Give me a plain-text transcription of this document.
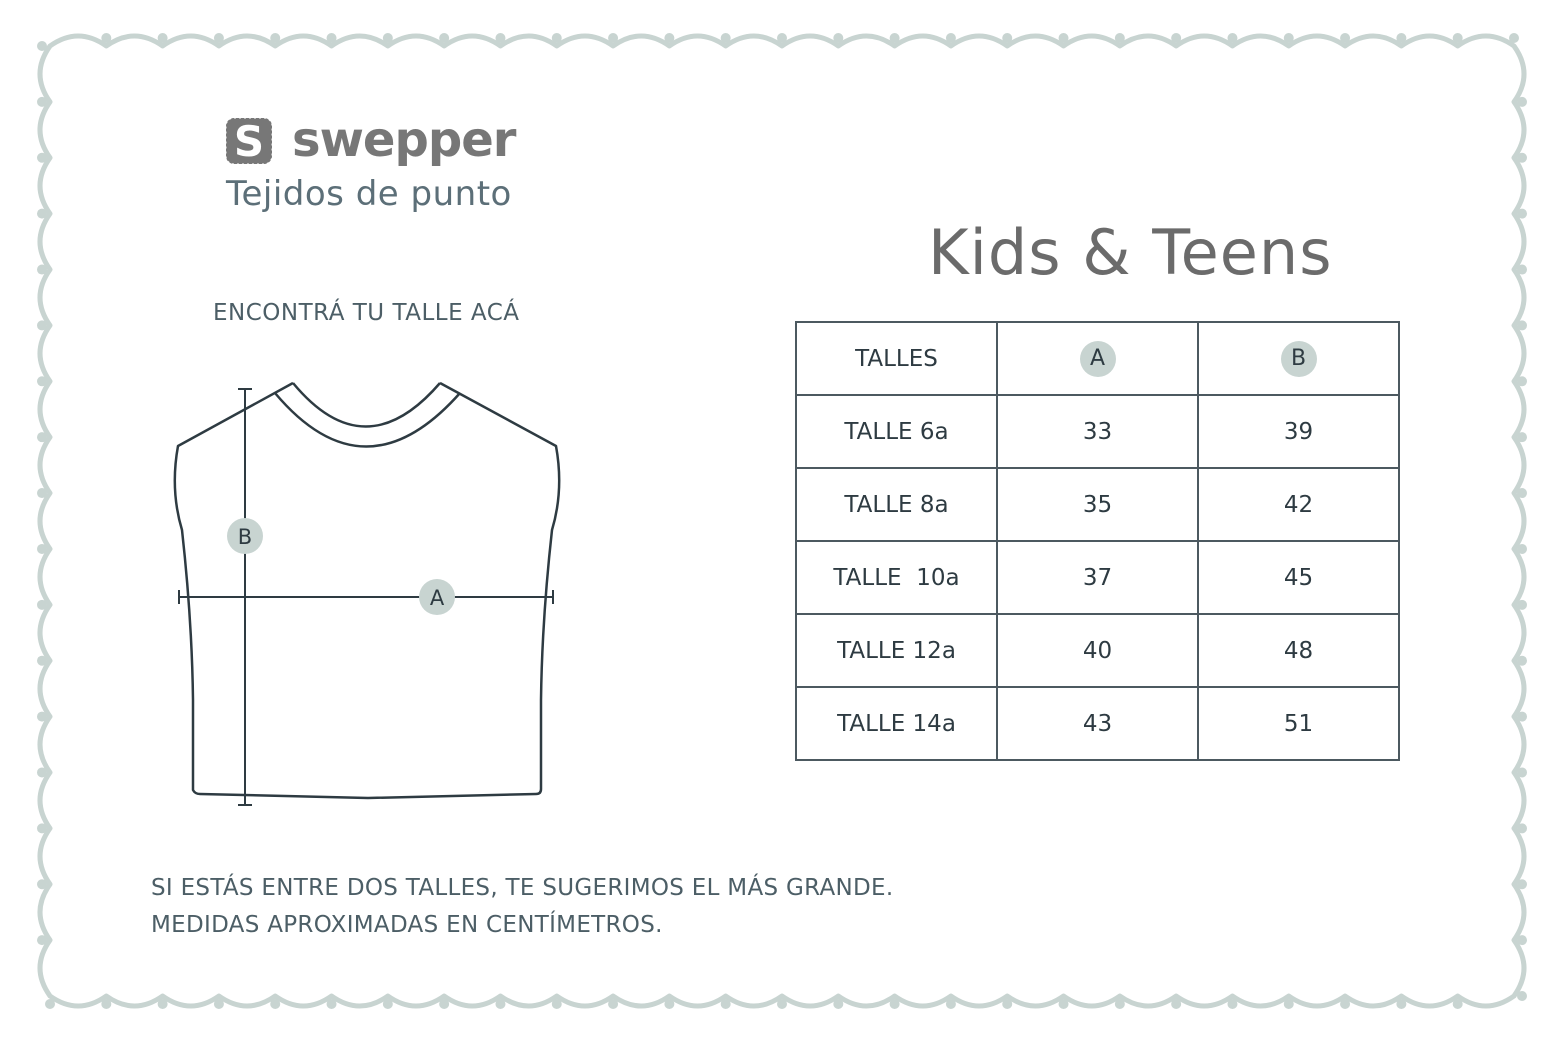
S swepper
Tejidos de punto
Kids & Teens
ENCONTRÁ TU TALLE ACÁ
B
A
TALLES	A	B
TALLE 6a	33	39
TALLE 8a	35	42
TALLE  10a	37	45
TALLE 12a	40	48
TALLE 14a	43	51
SI ESTÁS ENTRE DOS TALLES, TE SUGERIMOS EL MÁS GRANDE.
MEDIDAS APROXIMADAS EN CENTÍMETROS.
